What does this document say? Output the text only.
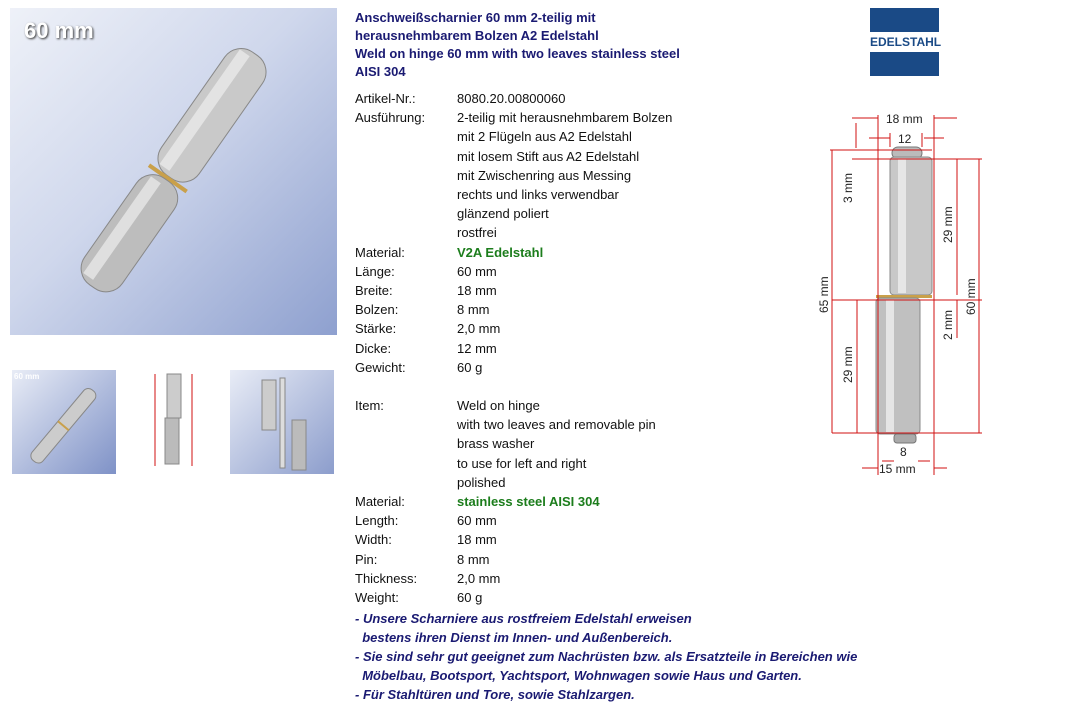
60 mm
60 mm
Anschweißscharnier 60 mm 2-teilig mit
herausnehmbarem Bolzen A2 Edelstahl
Weld on hinge 60 mm with two leaves stainless steel
AISI 304
EDELSTAHL
Artikel-Nr.:	8080.20.00800060
Ausführung: 2-teilig mit herausnehmbarem Bolzen
mit 2 Flügeln aus A2 Edelstahl
mit losem Stift aus A2 Edelstahl
mit Zwischenring aus Messing
rechts und links verwendbar
glänzend poliert
rostfrei
Material:	V2A Edelstahl
Länge:	60 mm
Breite:	18 mm
Bolzen:	8 mm
Stärke:	2,0 mm
Dicke:	12 mm
Gewicht:	60 g
Item:	Weld on hinge
with two leaves and removable pin
brass washer
to use for left and right
polished
Material:	stainless steel AISI 304
Length:	60 mm
Width:	18 mm
Pin:	8 mm
Thickness:	2,0 mm
Weight:	60 g
- Unsere Scharniere aus rostfreiem Edelstahl erweisen
bestens ihren Dienst im Innen- und Außenbereich.
- Sie sind sehr gut geeignet zum Nachrüsten bzw. als Ersatzteile in Bereichen wie
Möbelbau, Bootsport, Yachtsport, Wohnwagen sowie Haus und Garten.
- Für Stahltüren und Tore, sowie Stahlzargen.
18 mm
12
3 mm
29 mm
65 mm	60 mm
2 mm
29 mm
8
15 mm
